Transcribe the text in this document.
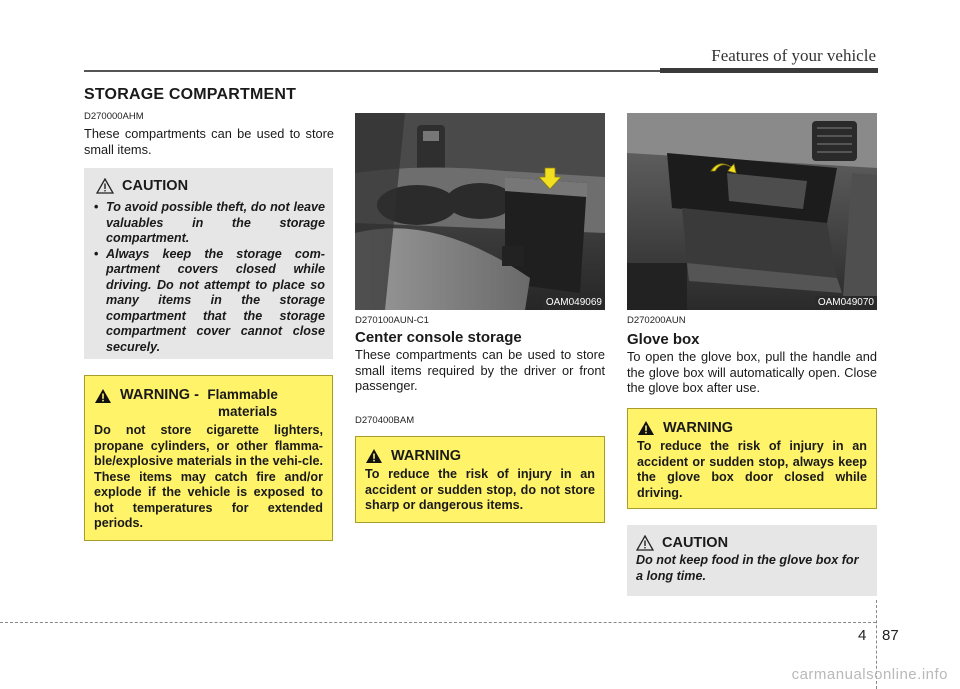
Features of your vehicle
STORAGE COMPARTMENT
D270000AHM
These compartments can be used to store small items.
CAUTION
• To avoid possible theft, do not leave valuables in the storage compartment.
• Always keep the storage com-partment covers closed while driving. Do not attempt to place so many items in the storage compartment that the storage compartment cover cannot close securely.
WARNING - Flammable
materials
Do not store cigarette lighters, propane cylinders, or other flamma-ble/explosive materials in the vehi-cle. These items may catch fire and/or explode if the vehicle is exposed to hot temperatures for extended periods.
OAM049069
D270100AUN-C1
Center console storage
These compartments can be used to store small items required by the driver or front passenger.
D270400BAM
WARNING
To reduce the risk of injury in an accident or sudden stop, do not store sharp or dangerous items.
OAM049070
D270200AUN
Glove box
To open the glove box, pull the handle and the glove box will automatically open. Close the glove box after use.
WARNING
To reduce the risk of injury in an accident or sudden stop, always keep the glove box door closed while driving.
CAUTION
Do not keep food in the glove box for a long time.
4 87
carmanualsonline.info
